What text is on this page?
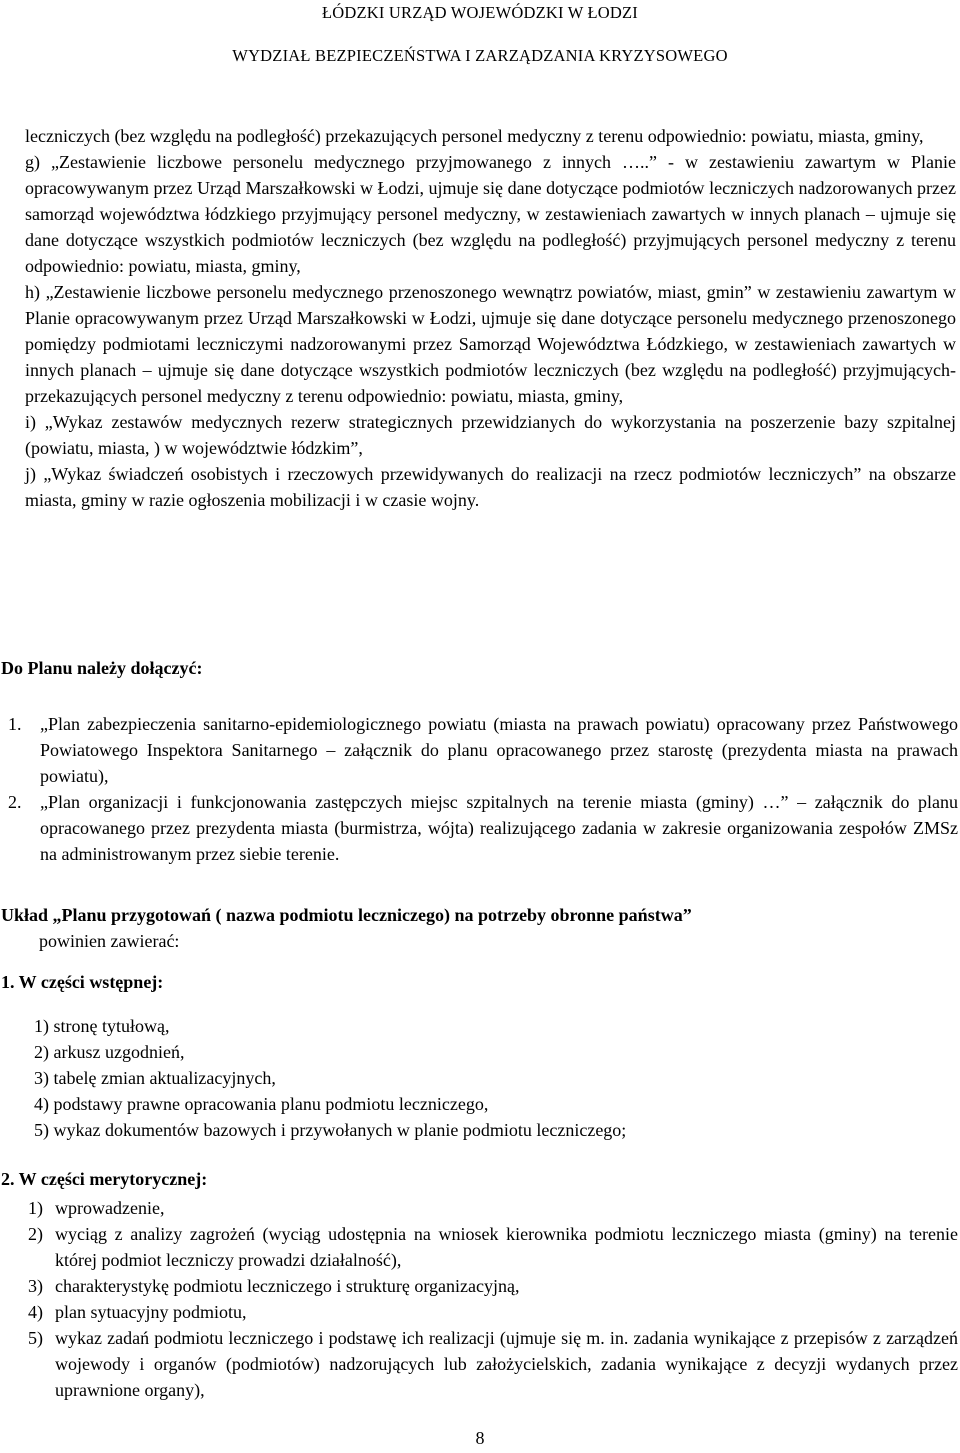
ŁÓDZKI URZĄD WOJEWÓDZKI W ŁODZI
WYDZIAŁ BEZPIECZEŃSTWA I ZARZĄDZANIA KRYZYSOWEGO
leczniczych (bez względu na podległość) przekazujących personel medyczny z terenu odpowiednio: powiatu, miasta, gminy,
g) „Zestawienie liczbowe personelu medycznego przyjmowanego z innych …..” - w zestawieniu zawartym w Planie opracowywanym przez Urząd Marszałkowski w Łodzi, ujmuje się dane dotyczące podmiotów leczniczych nadzorowanych przez samorząd województwa łódzkiego przyjmujący personel medyczny, w zestawieniach zawartych w innych planach – ujmuje się dane dotyczące wszystkich podmiotów leczniczych (bez względu na podległość) przyjmujących personel medyczny z terenu odpowiednio: powiatu, miasta, gminy,
h) „Zestawienie liczbowe personelu medycznego przenoszonego wewnątrz powiatów, miast, gmin” w zestawieniu zawartym w Planie opracowywanym przez Urząd Marszałkowski w Łodzi, ujmuje się dane dotyczące personelu medycznego przenoszonego pomiędzy podmiotami leczniczymi nadzorowanymi przez Samorząd Województwa Łódzkiego, w zestawieniach zawartych w innych planach – ujmuje się dane dotyczące wszystkich podmiotów leczniczych (bez względu na podległość) przyjmujących-przekazujących personel medyczny z terenu odpowiednio: powiatu, miasta, gminy,
i) „Wykaz zestawów medycznych rezerw strategicznych przewidzianych do wykorzystania na poszerzenie bazy szpitalnej (powiatu, miasta, ) w województwie łódzkim”,
j) „Wykaz świadczeń osobistych i rzeczowych przewidywanych do realizacji na rzecz podmiotów leczniczych” na obszarze miasta, gminy w razie ogłoszenia mobilizacji i w czasie wojny.
Do Planu należy dołączyć:
1. „Plan zabezpieczenia sanitarno-epidemiologicznego powiatu (miasta na prawach powiatu) opracowany przez Państwowego Powiatowego Inspektora Sanitarnego – załącznik do planu opracowanego przez starostę (prezydenta miasta na prawach powiatu),
2. „Plan organizacji i funkcjonowania zastępczych miejsc szpitalnych na terenie miasta (gminy) …” – załącznik do planu opracowanego przez prezydenta miasta (burmistrza, wójta) realizującego zadania w zakresie organizowania zespołów ZMSz na administrowanym przez siebie terenie.
Układ „Planu przygotowań ( nazwa podmiotu leczniczego) na potrzeby obronne państwa”
powinien zawierać:
1. W części wstępnej:
1) stronę tytułową,
2) arkusz uzgodnień,
3) tabelę zmian aktualizacyjnych,
4) podstawy prawne opracowania planu podmiotu leczniczego,
5) wykaz dokumentów bazowych i przywołanych w planie podmiotu leczniczego;
2. W części merytorycznej:
1) wprowadzenie,
2) wyciąg z analizy zagrożeń (wyciąg udostępnia na wniosek kierownika podmiotu leczniczego miasta (gminy) na terenie której podmiot leczniczy prowadzi działalność),
3) charakterystykę podmiotu leczniczego i strukturę organizacyjną,
4) plan sytuacyjny podmiotu,
5) wykaz zadań podmiotu leczniczego i podstawę ich realizacji (ujmuje się m. in. zadania wynikające z przepisów z zarządzeń wojewody i organów (podmiotów) nadzorujących lub założycielskich, zadania wynikające z decyzji wydanych przez uprawnione organy),
8
